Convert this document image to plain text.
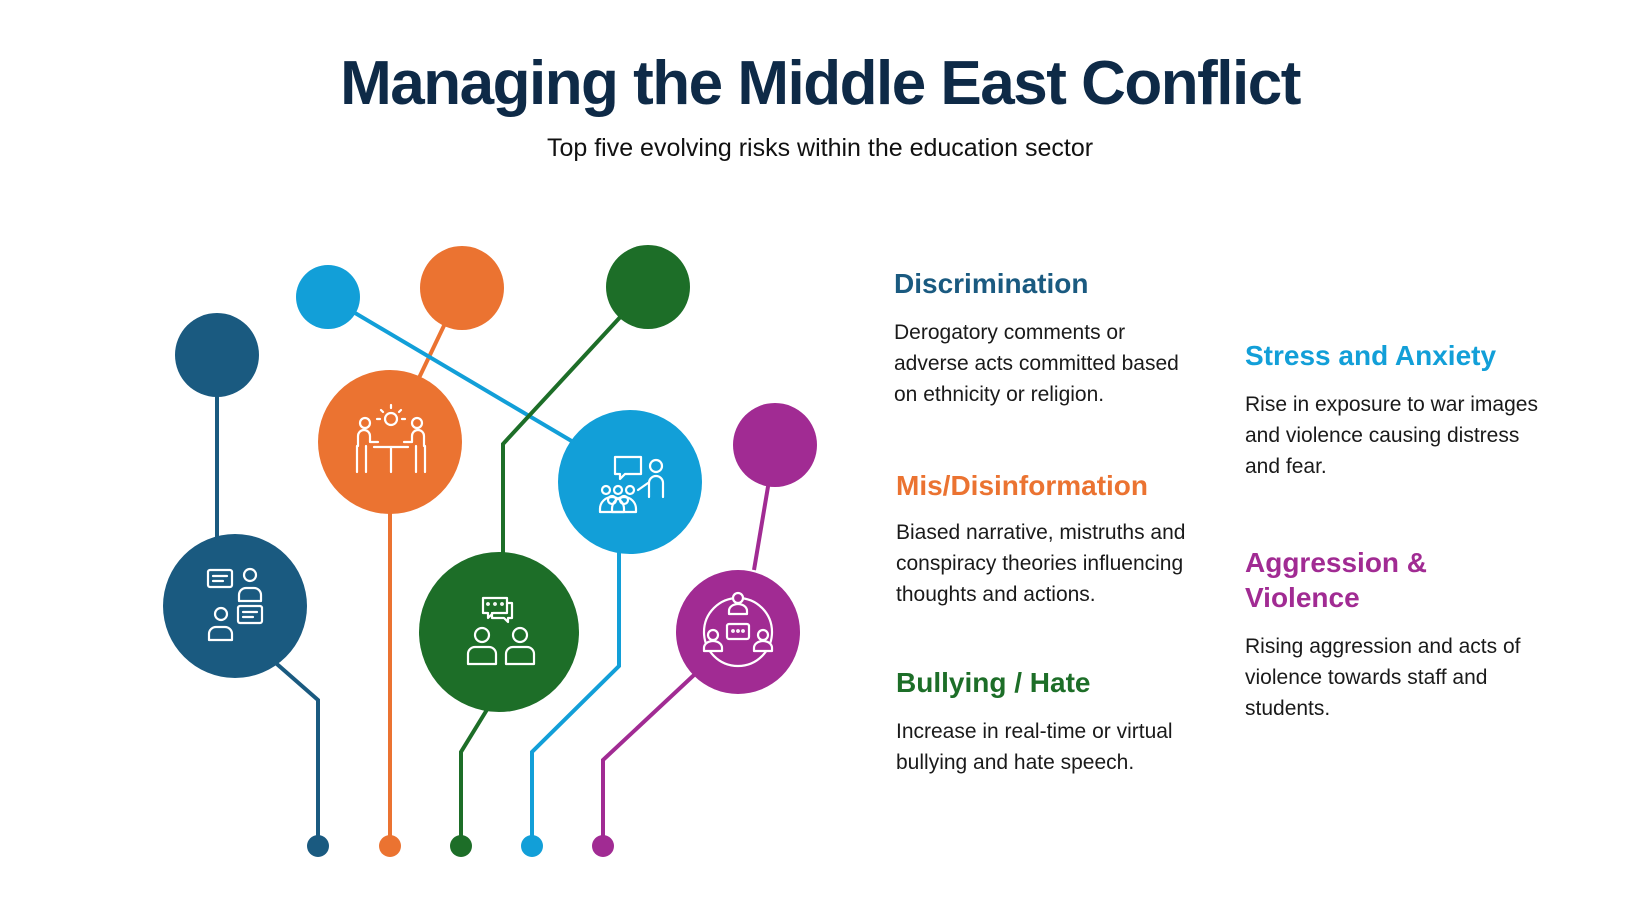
Managing the Middle East Conflict
Top five evolving risks within the education sector
Discrimination

Derogatory comments or adverse acts committed based on ethnicity or religion.

Mis/Disinformation

Biased narrative, mistruths and conspiracy theories influencing thoughts and actions.

Bullying / Hate

Increase in real-time or virtual bullying and hate speech.

Stress and Anxiety

Rise in exposure to war images and violence causing distress and fear.

Aggression & Violence

Rising aggression and acts of violence towards staff and students.
